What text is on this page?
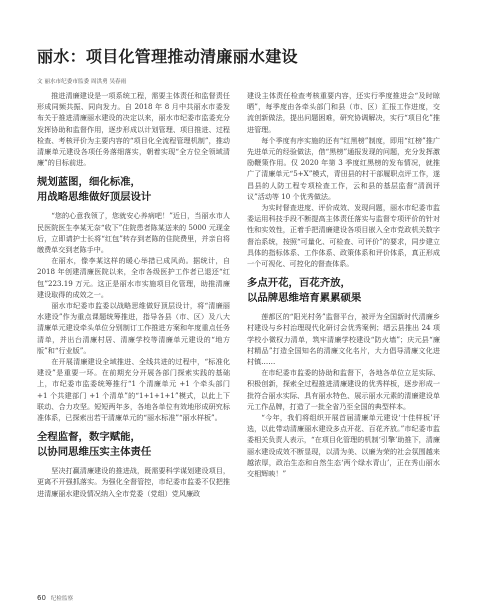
丽水：项目化管理推动清廉丽水建设
文 丽水市纪委市监委 周洪勇 吴春雨

推进清廉建设是一项系统工程，需要主体责任和监督责任形成同频共振、同向发力。自 2018 年 8 月中共丽水市委发布关于推进清廉丽水建设的决定以来，丽水市纪委市监委充分发挥协助和监督作用，逐步形成以计划管理、项目推进、过程检查、考核评价为主要内容的“项目化全流程管理机制”，推动清廉单元建设各项任务落细落实，朝着实现“全方位全领域清廉”的目标前进。

规划蓝图，细化标准，
用战略思维做好顶层设计

“您的心意我领了，您就安心养病吧！”近日，当丽水市人民医院医生李某无奈“收下”住院患者陈某送来的 5000 元现金后，立即请护士长将“红包”转存到老陈的住院费里，并亲自将缴费单交到老陈手中。

在丽水，像李某这样的暖心举措已成风尚。据统计，自 2018 年创建清廉医院以来，全市各级医护工作者已退还“红包”223.19 万元。这正是丽水市实施项目化管理，助推清廉建设取得的成效之一。

丽水市纪委市监委以战略思维做好顶层设计，将“清廉丽水建设”作为重点课题统筹推进，指导各县（市、区）及八大清廉单元建设牵头单位分别制订工作推进方案和年度重点任务清单，并出台清廉村居、清廉学校等清廉单元建设的“地方版”和“行业版”。

在开展清廉建设全域推进、全线共进的过程中，“标准化建设”是重要一环。在前期充分开展各部门探索实践的基础上，市纪委市监委统筹推行“1 个清廉单元 +1 个牵头部门 +1 个共建部门 +1 个清单”的“1+1+1+1”模式，以此上下联动、合力攻坚。短短两年多，各地各单位有效地形成研究标准体系，已探索出若干清廉单元的“丽水标准”“丽水样板”。

全程监督，数字赋能，
以协同思维压实主体责任

坚决打赢清廉建设的推进战，既需要科学谋划建设项目，更离不开强抓落实。为强化全督管控，市纪委市监委不仅把推进清廉丽水建设情况纳入全市党委（党组）党风廉政

建设主体责任检查考核重要内容，还实行季度推进会“及时晾晒”，每季度由各牵头部门和县（市、区）汇报工作进度，交流创新做法，提出问题困难，研究协调解决，实行“项目化”推进管理。

每个季度有序实施的还有“红黑榜”制度，即用“红榜”推广先进单元的经验做法，借“黑榜”通报发现的问题，充分发挥激励鞭策作用。仅 2020 年第 3 季度红黑榜的发布情况，就推广了清廉单元“5+X”模式，青田县的村干部履职点评工作，遂昌县的人防工程专项检查工作，云和县的基层监督“清润评议”活动等 10 个优秀做法。

为实时督查进度、评价成效、发现问题，丽水市纪委市监委运用科技手段不断提高主体责任落实与监督专项评价的针对性和实效性，正着手把清廉建设各项目嵌入全市党政机关数字督治系统，按照“可量化、可检查、可评价”的要求，同步建立具体的指标体系、工作体系、政策体系和评价体系，真正形成一个可视化、可控化的督查体系。

多点开花，百花齐放，
以品牌思维培育累累硕果

莲都区的“阳光村务”监督平台，被评为全国新时代清廉乡村建设与乡村治理现代化研讨会优秀案例；缙云县推出 24 项学校小微权力清单，筑牢清廉学校建设“防火墙”；庆元县“廉村精品”打造全国知名的清廉文化名片，大力倡导清廉文化进村镇……

在市纪委市监委的协助和监督下，各地各单位立足实际、积极创新，探索全过程推进清廉建设的优秀样板，逐步形成一批符合丽水实际、具有丽水特色、展示丽水元素的清廉建设单元工作品牌，打造了一批全省乃至全国的典型样本。

“今年，我们将组织开展首届清廉单元建设‘十佳样板’评选，以此带动清廉丽水建设多点开花、百花齐放。”市纪委市监委相关负责人表示，“在项目化管理的机制‘引擎’助推下，清廉丽水建设成效不断显现，以清为美、以廉为荣的社会氛围越来越浓厚，政治生态和自然生态‘两个绿水青山’，正在秀山丽水交相辉映！”

60 纪检监察
